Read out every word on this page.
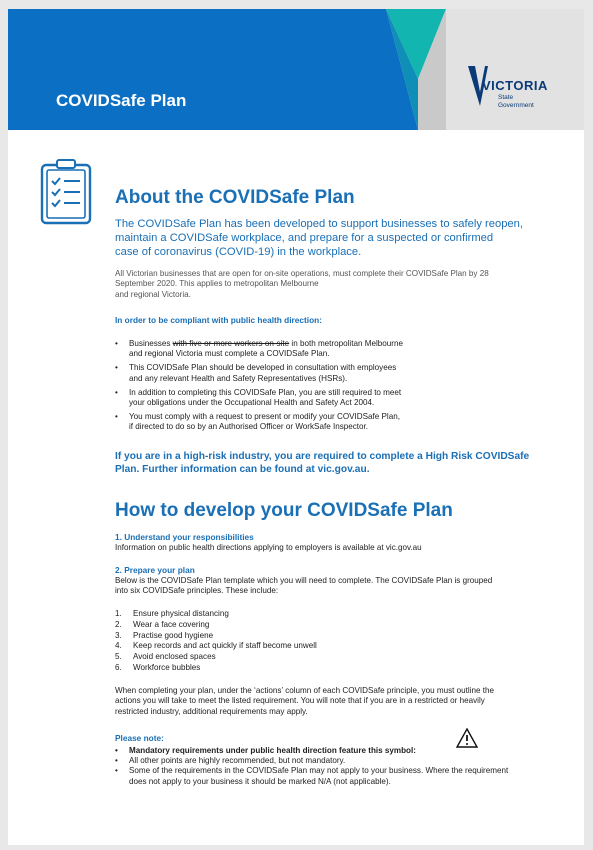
COVIDSafe Plan
VICTORIA
State
Government
About the COVIDSafe Plan
The COVIDSafe Plan has been developed to support businesses to safely reopen,
maintain a COVIDSafe workplace, and prepare for a suspected or confirmed
case of coronavirus (COVID-19) in the workplace.
All Victorian businesses that are open for on-site operations, must complete their COVIDSafe Plan by 28
September 2020. This applies to metropolitan Melbourne
and regional Victoria.
In order to be compliant with public health direction:
• Businesses with five or more workers on-site in both metropolitan Melbourne
and regional Victoria must complete a COVIDSafe Plan.
• This COVIDSafe Plan should be developed in consultation with employees
and any relevant Health and Safety Representatives (HSRs).
• In addition to completing this COVIDSafe Plan, you are still required to meet
your obligations under the Occupational Health and Safety Act 2004.
• You must comply with a request to present or modify your COVIDSafe Plan,
if directed to do so by an Authorised Officer or WorkSafe Inspector.
If you are in a high-risk industry, you are required to complete a High Risk COVIDSafe
Plan. Further information can be found at vic.gov.au.
How to develop your COVIDSafe Plan
1. Understand your responsibilities
Information on public health directions applying to employers is available at vic.gov.au
2. Prepare your plan
Below is the COVIDSafe Plan template which you will need to complete. The COVIDSafe Plan is grouped
into six COVIDSafe principles. These include:
1. Ensure physical distancing
2. Wear a face covering
3. Practise good hygiene
4. Keep records and act quickly if staff become unwell
5. Avoid enclosed spaces
6. Workforce bubbles
When completing your plan, under the ‘actions’ column of each COVIDSafe principle, you must outline the
actions you will take to meet the listed requirement. You will note that if you are in a restricted or heavily
restricted industry, additional requirements may apply.
Please note:
• Mandatory requirements under public health direction feature this symbol:
• All other points are highly recommended, but not mandatory.
• Some of the requirements in the COVIDSafe Plan may not apply to your business. Where the requirement
does not apply to your business it should be marked N/A (not applicable).
